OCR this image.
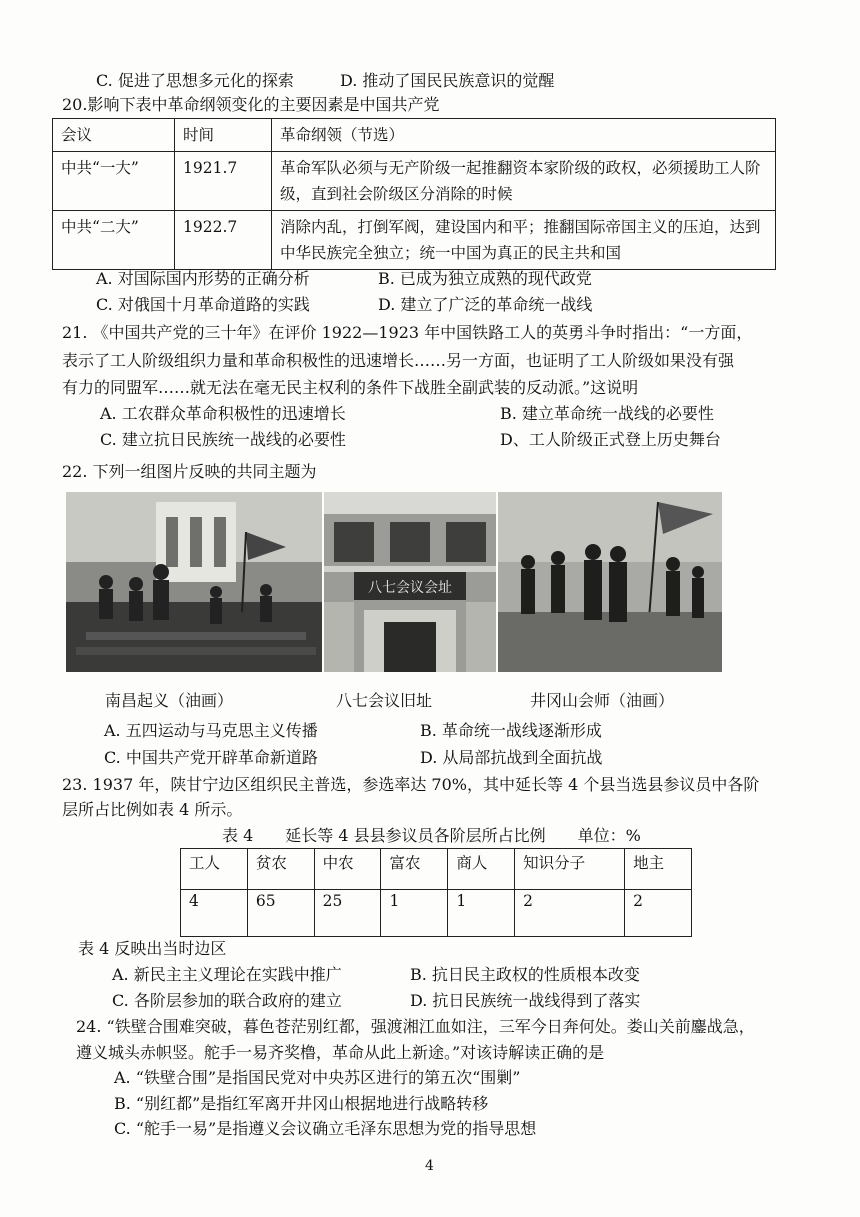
C. 促进了思想多元化的探索	D. 推动了国民民族意识的觉醒
20.影响下表中革命纲领变化的主要因素是中国共产党
会议	时间	革命纲领（节选）
中共“一大”	1921.7	革命军队必须与无产阶级一起推翻资本家阶级的政权，必须援助工人阶级，直到社会阶级区分消除的时候
中共“二大”	1922.7	消除内乱，打倒军阀，建设国内和平；推翻国际帝国主义的压迫，达到中华民族完全独立；统一中国为真正的民主共和国
A. 对国际国内形势的正确分析	B. 已成为独立成熟的现代政党
C. 对俄国十月革命道路的实践	D. 建立了广泛的革命统一战线
21. 《中国共产党的三十年》在评价 1922—1923 年中国铁路工人的英勇斗争时指出：“一方面，
表示了工人阶级组织力量和革命积极性的迅速增长……另一方面，也证明了工人阶级如果没有强
有力的同盟军……就无法在毫无民主权利的条件下战胜全副武装的反动派。”这说明
A. 工农群众革命积极性的迅速增长	B. 建立革命统一战线的必要性
C. 建立抗日民族统一战线的必要性	D、工人阶级正式登上历史舞台
22. 下列一组图片反映的共同主题为
八七会议会址
南昌起义（油画）	八七会议旧址	井冈山会师（油画）
A. 五四运动与马克思主义传播	B. 革命统一战线逐渐形成
C. 中国共产党开辟革命新道路	D. 从局部抗战到全面抗战
23. 1937 年，陕甘宁边区组织民主普选，参选率达 70%，其中延长等 4 个县当选县参议员中各阶
层所占比例如表 4 所示。
表 4　　延长等 4 县县参议员各阶层所占比例　　单位：%
工人	贫农	中农	富农	商人	知识分子	地主
4	65	25	1	1	2	2
表 4 反映出当时边区
A. 新民主主义理论在实践中推广	B. 抗日民主政权的性质根本改变
C. 各阶层参加的联合政府的建立	D. 抗日民族统一战线得到了落实
24. “铁壁合围难突破，暮色苍茫别红都，强渡湘江血如注，三军今日奔何处。娄山关前鏖战急，
遵义城头赤帜竖。舵手一易齐奖橹，革命从此上新途。”对该诗解读正确的是
A. “铁壁合围”是指国民党对中央苏区进行的第五次“围剿”
B. “别红都”是指红军离开井冈山根据地进行战略转移
C. “舵手一易”是指遵义会议确立毛泽东思想为党的指导思想
4
